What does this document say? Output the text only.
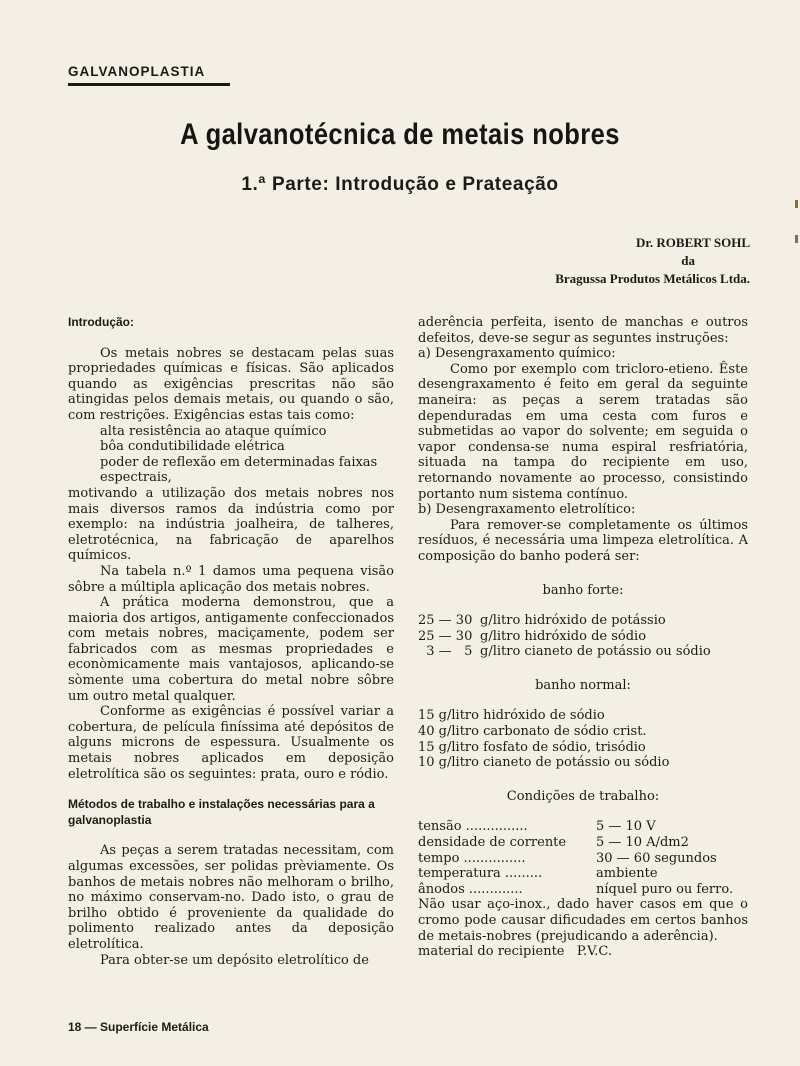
GALVANOPLASTIA
A galvanotécnica de metais nobres
1.ª Parte: Introdução e Prateação
Dr. ROBERT SOHL
da
Bragussa Produtos Metálicos Ltda.
Introdução:

Os metais nobres se destacam pelas suas propriedades químicas e físicas. São aplicados quando as exigências prescritas não são atingidas pelos demais metais, ou quando o são, com restrições. Exigências estas tais como:

alta resistência ao ataque químico
bôa condutibilidade elétrica
poder de reflexão em determinadas faixas espectrais,

motivando a utilização dos metais nobres nos mais diversos ramos da indústria como por exemplo: na indústria joalheira, de talheres, eletrotécnica, na fabricação de aparelhos químicos.

Na tabela n.º 1 damos uma pequena visão sôbre a múltipla aplicação dos metais nobres.

A prática moderna demonstrou, que a maioria dos artigos, antigamente confeccionados com metais nobres, maciçamente, podem ser fabricados com as mesmas propriedades e econòmicamente mais vantajosos, aplicando-se sòmente uma cobertura do metal nobre sôbre um outro metal qualquer.

Conforme as exigências é possível variar a cobertura, de película finíssima até depósitos de alguns microns de espessura. Usualmente os metais nobres aplicados em deposição eletrolítica são os seguintes: prata, ouro e ródio.

Métodos de trabalho e instalações necessárias para a galvanoplastia

As peças a serem tratadas necessitam, com algumas excessões, ser polidas prèviamente. Os banhos de metais nobres não melhoram o brilho, no máximo conservam-no. Dado isto, o grau de brilho obtido é proveniente da qualidade do polimento realizado antes da deposição eletrolítica.

Para obter-se um depósito eletrolítico de

aderência perfeita, isento de manchas e outros defeitos, deve-se segur as seguntes instruções:

a) Desengraxamento químico:

Como por exemplo com tricloro-etieno. Êste desengraxamento é feito em geral da seguinte maneira: as peças a serem tratadas são dependuradas em uma cesta com furos e submetidas ao vapor do solvente; em seguida o vapor condensa-se numa espiral resfriatória, situada na tampa do recipiente em uso, retornando novamente ao processo, consistindo portanto num sistema contínuo.

b) Desengraxamento eletrolítico:

Para remover-se completamente os últimos resíduos, é necessária uma limpeza eletrolítica. A composição do banho poderá ser:

banho forte:
25 — 30 g/litro hidróxido de potássio
25 — 30 g/litro hidróxido de sódio
3 —   5 g/litro cianeto de potássio ou sódio
banho normal:
15 g/litro hidróxido de sódio
40 g/litro carbonato de sódio crist.
15 g/litro fosfato de sódio, trisódio
10 g/litro cianeto de potássio ou sódio
Condições de trabalho:
tensão ...............	5 — 10 V
densidade de corrente	5 — 10 A/dm2
tempo ...............	30 — 60 segundos
temperatura .........	ambiente
ânodos .............	níquel puro ou ferro.

Não usar aço-inox., dado haver casos em que o cromo pode causar dificudades em certos banhos de metais-nobres (prejudicando a aderência).

material do recipiente   P.V.C.
18 — Superfície Metálica
